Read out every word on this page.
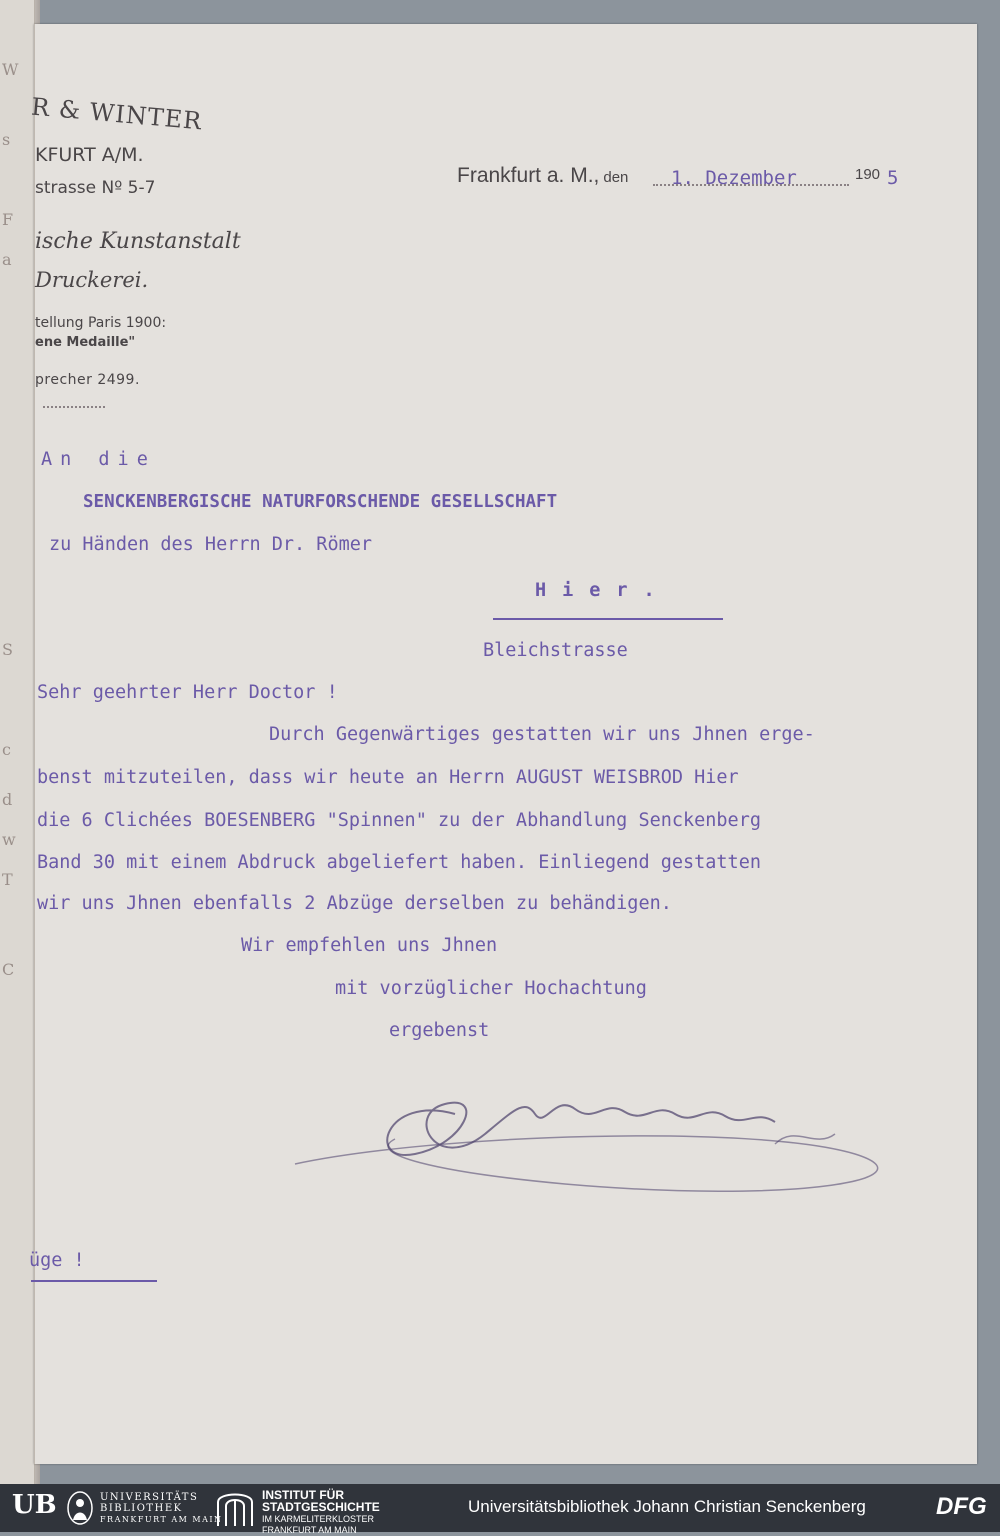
W
s
F
a
S
c
d
w
T
C
R & WINTER
KFURT A/M.
strasse Nº 5-7
ische Kunstanstalt
Druckerei.
tellung Paris 1900:
ene Medaille"
precher 2499.
Frankfurt a. M., den 1. Dezember	190 5
An die
SENCKENBERGISCHE NATURFORSCHENDE GESELLSCHAFT
zu Händen des Herrn Dr. Römer
Hier.
Bleichstrasse
Sehr geehrter Herr Doctor !
Durch Gegenwärtiges gestatten wir uns Jhnen erge-
benst mitzuteilen, dass wir heute an Herrn AUGUST WEISBROD Hier
die 6 Clichées BOESENBERG "Spinnen" zu der Abhandlung Senckenberg
Band 30 mit einem Abdruck abgeliefert haben. Einliegend gestatten
wir uns Jhnen ebenfalls 2 Abzüge derselben zu behändigen.
Wir empfehlen uns Jhnen
mit vorzüglicher Hochachtung
ergebenst
üge !
UB	UNIVERSITÄTS
BIBLIOTHEK
FRANKFURT AM MAIN
INSTITUT FÜR
STADTGESCHICHTE
IM KARMELITERKLOSTER
FRANKFURT AM MAIN
Universitätsbibliothek Johann Christian Senckenberg	DFG
